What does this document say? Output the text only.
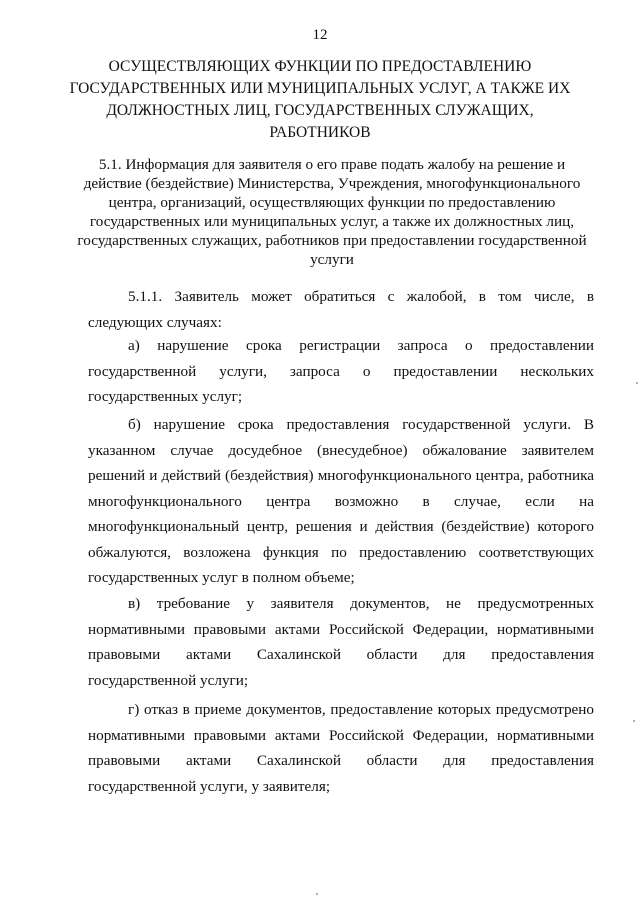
12
ОСУЩЕСТВЛЯЮЩИХ ФУНКЦИИ ПО ПРЕДОСТАВЛЕНИЮ ГОСУДАРСТВЕННЫХ ИЛИ МУНИЦИПАЛЬНЫХ УСЛУГ, А ТАКЖЕ ИХ ДОЛЖНОСТНЫХ ЛИЦ, ГОСУДАРСТВЕННЫХ СЛУЖАЩИХ, РАБОТНИКОВ
5.1. Информация для заявителя о его праве подать жалобу на решение и действие (бездействие) Министерства, Учреждения, многофункционального центра, организаций, осуществляющих функции по предоставлению государственных или муниципальных услуг, а также их должностных лиц, государственных служащих, работников при предоставлении государственной услуги

5.1.1. Заявитель может обратиться с жалобой, в том числе, в следующих случаях:

а) нарушение срока регистрации запроса о предоставлении государственной услуги, запроса о предоставлении нескольких государственных услуг;

б) нарушение срока предоставления государственной услуги. В указанном случае досудебное (внесудебное) обжалование заявителем решений и действий (бездействия) многофункционального центра, работника многофункционального центра возможно в случае, если на многофункциональный центр, решения и действия (бездействие) которого обжалуются, возложена функция по предоставлению соответствующих государственных услуг в полном объеме;

в) требование у заявителя документов, не предусмотренных нормативными правовыми актами Российской Федерации, нормативными правовыми актами Сахалинской области для предоставления государственной услуги;

г) отказ в приеме документов, предоставление которых предусмотрено нормативными правовыми актами Российской Федерации, нормативными правовыми актами Сахалинской области для предоставления государственной услуги, у заявителя;
